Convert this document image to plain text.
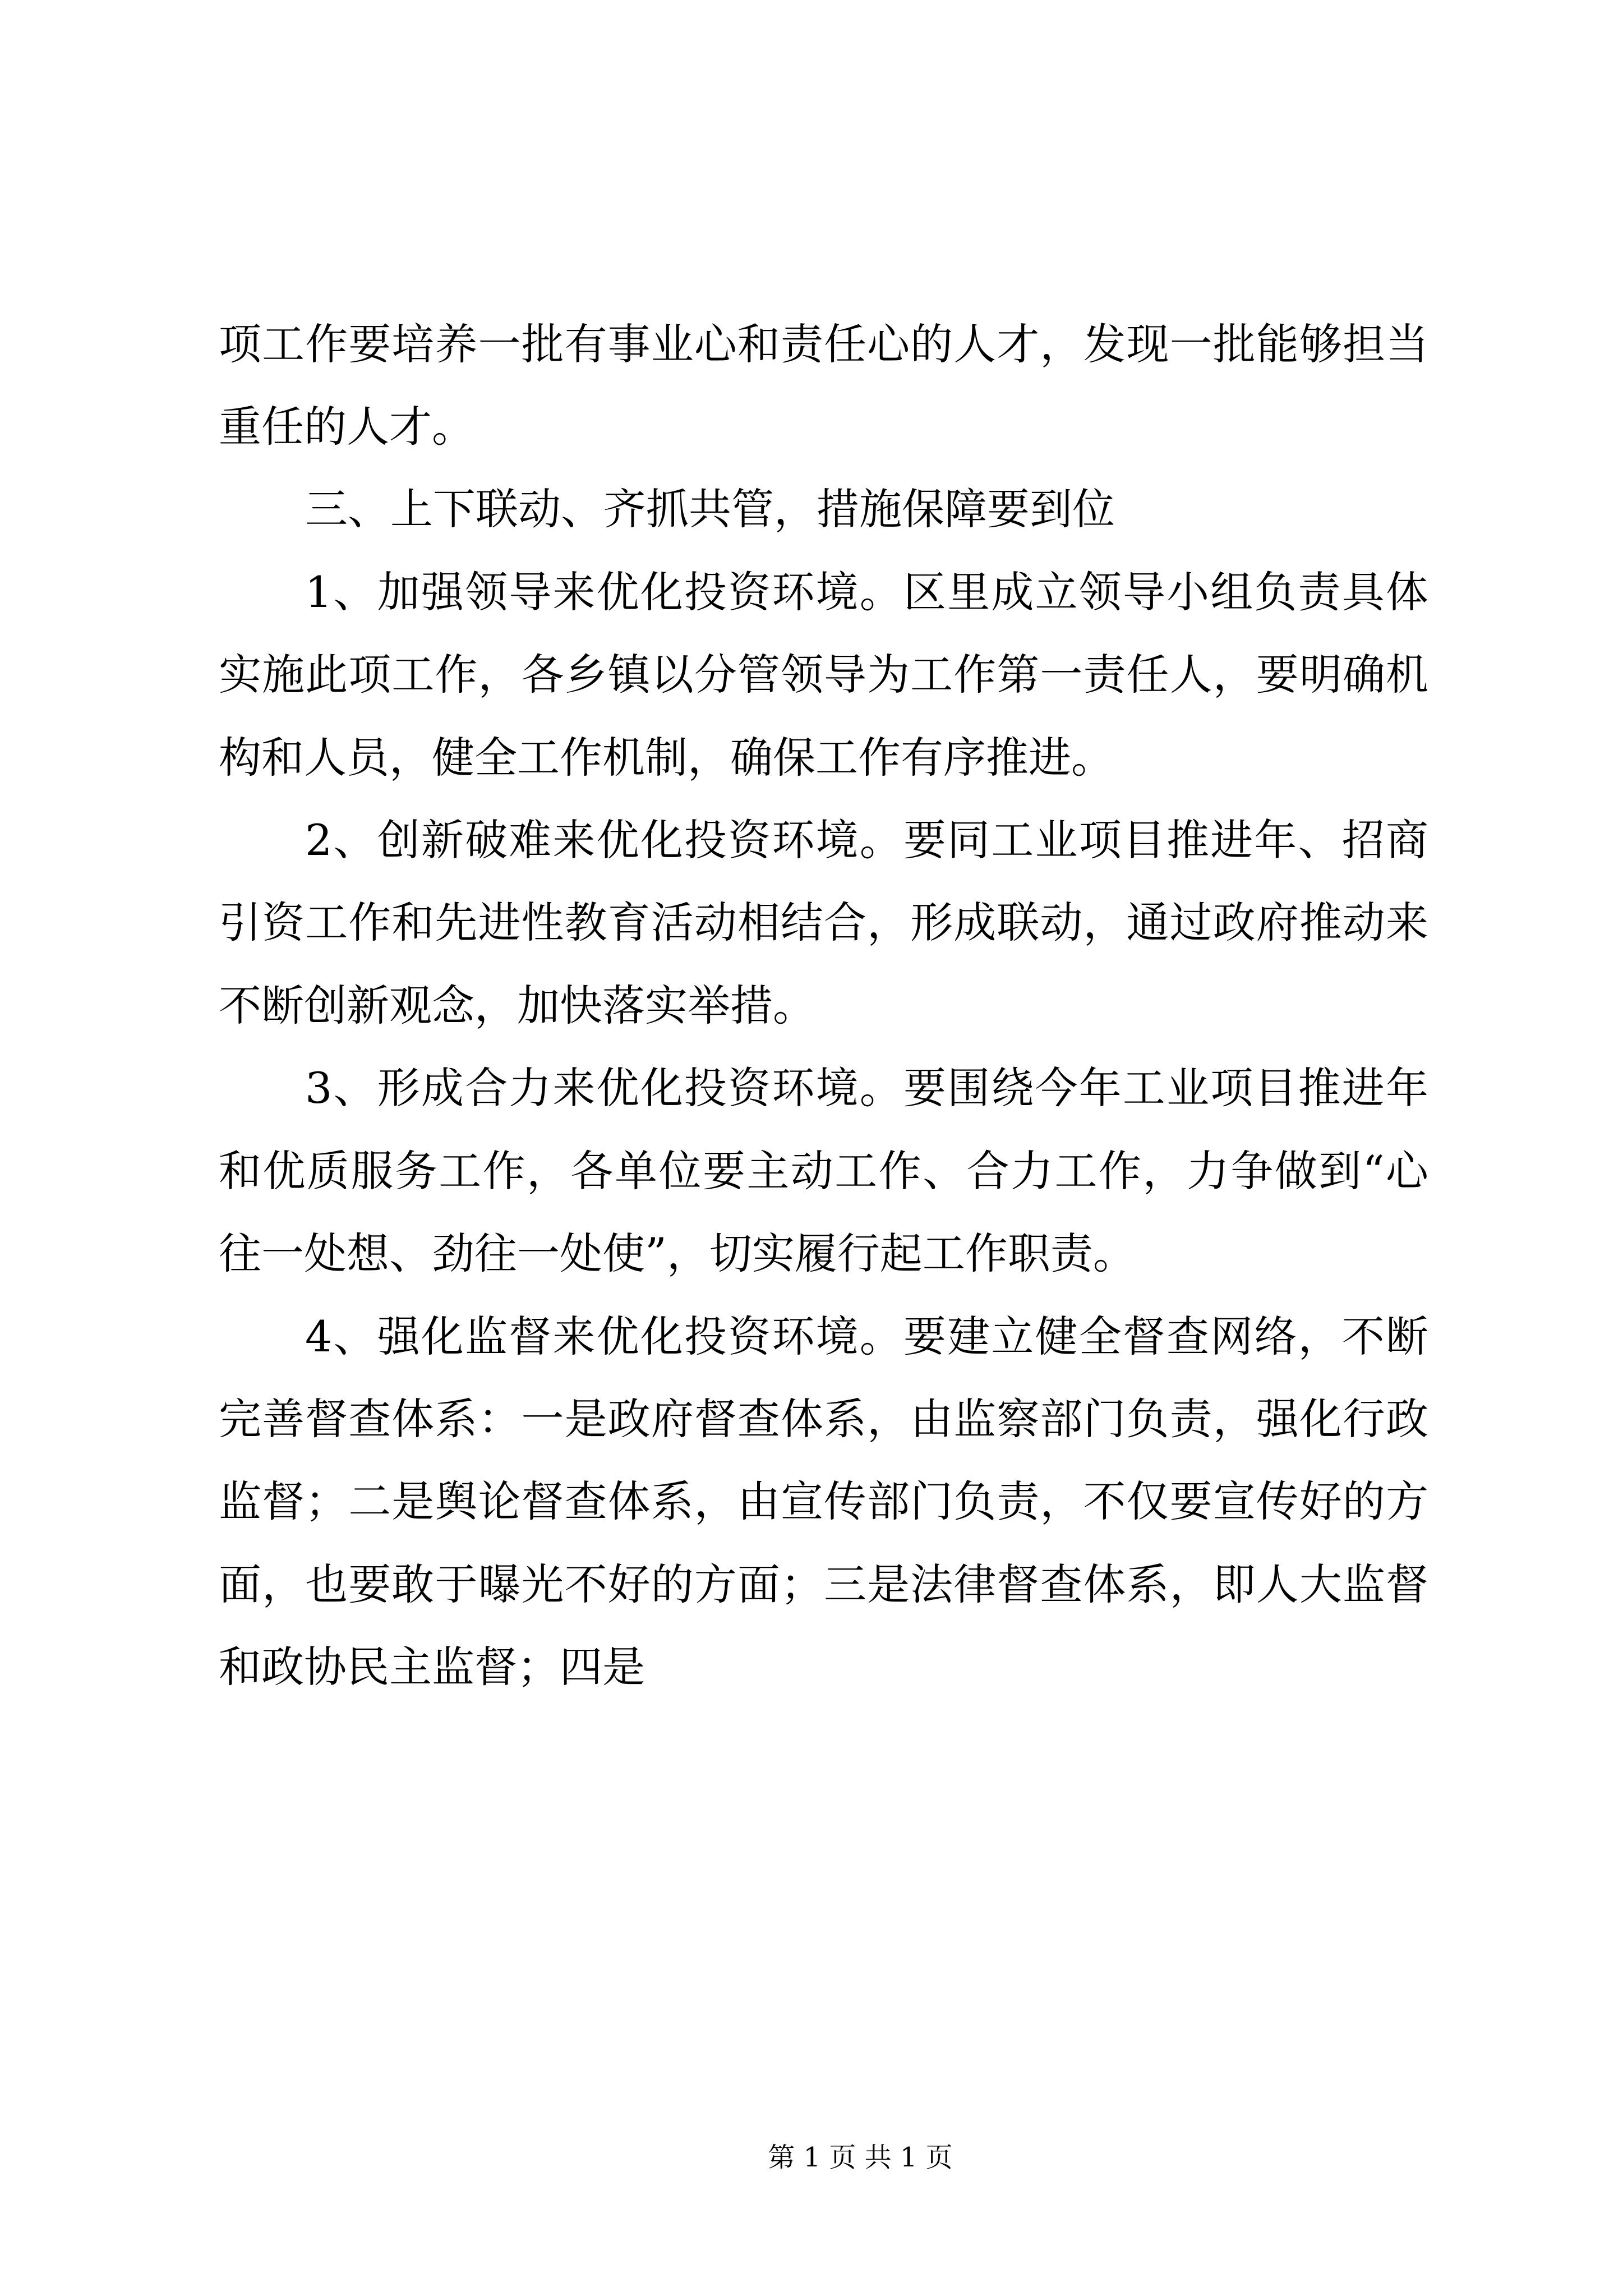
项工作要培养一批有事业心和责任心的人才，发现一批能够担当
重任的人才。
三、上下联动、齐抓共管，措施保障要到位
1、加强领导来优化投资环境。区里成立领导小组负责具体
实施此项工作，各乡镇以分管领导为工作第一责任人，要明确机
构和人员，健全工作机制，确保工作有序推进。
2、创新破难来优化投资环境。要同工业项目推进年、招商
引资工作和先进性教育活动相结合，形成联动，通过政府推动来
不断创新观念，加快落实举措。
3、形成合力来优化投资环境。要围绕今年工业项目推进年
和优质服务工作，各单位要主动工作、合力工作，力争做到“心
往一处想、劲往一处使”，切实履行起工作职责。
4、强化监督来优化投资环境。要建立健全督查网络，不断
完善督查体系：一是政府督查体系，由监察部门负责，强化行政
监督；二是舆论督查体系，由宣传部门负责，不仅要宣传好的方
面，也要敢于曝光不好的方面；三是法律督查体系，即人大监督
和政协民主监督；四是
第 1 页 共 1 页
